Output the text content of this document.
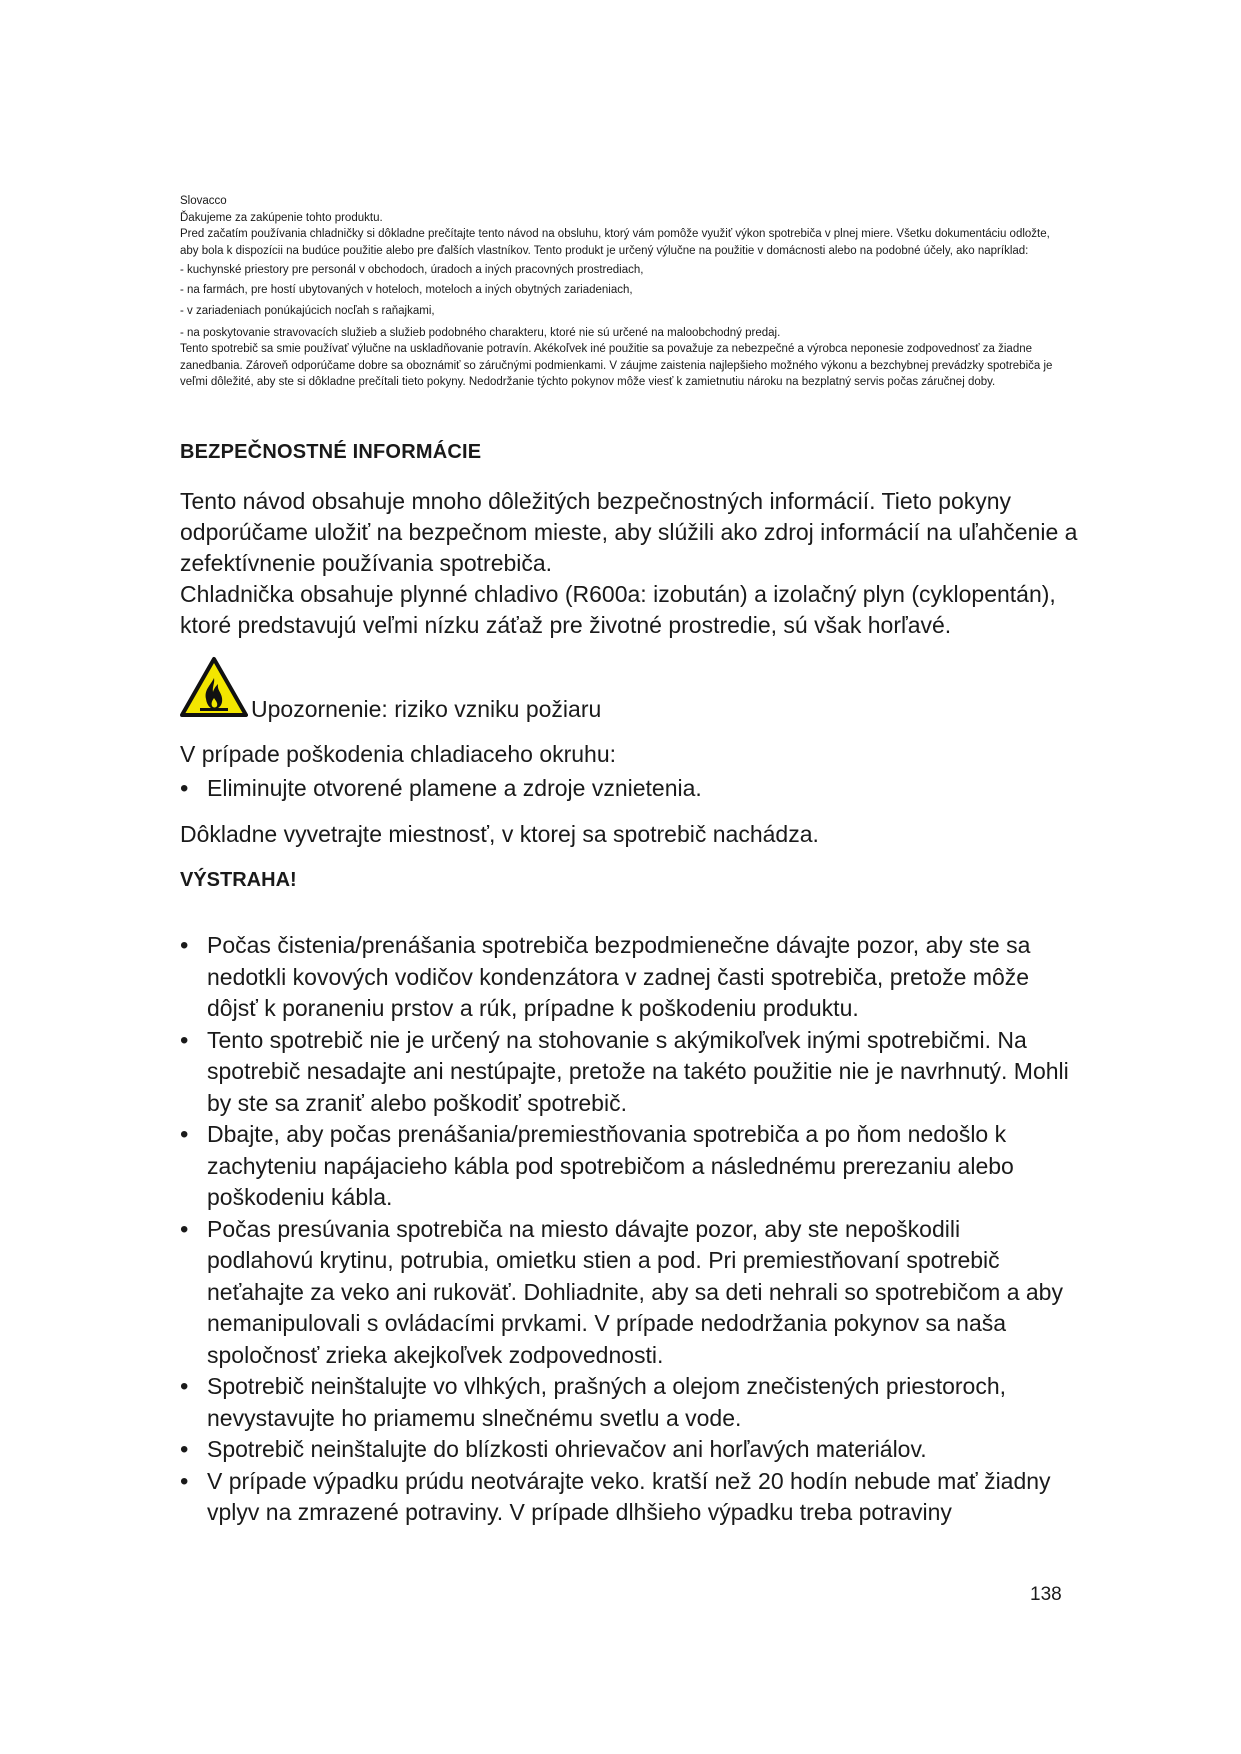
Slovacco

Ďakujeme za zakúpenie tohto produktu.

Pred začatím používania chladničky si dôkladne prečítajte tento návod na obsluhu, ktorý vám pomôže využiť výkon spotrebiča v plnej miere. Všetku dokumentáciu odložte, aby bola k dispozícii na budúce použitie alebo pre ďalších vlastníkov. Tento produkt je určený výlučne na použitie v domácnosti alebo na podobné účely, ako napríklad:

- kuchynské priestory pre personál v obchodoch, úradoch a iných pracovných prostrediach,

- na farmách, pre hostí ubytovaných v hoteloch, moteloch a iných obytných zariadeniach,

- v zariadeniach ponúkajúcich nocľah s raňajkami,

- na poskytovanie stravovacích služieb a služieb podobného charakteru, ktoré nie sú určené na maloobchodný predaj.

Tento spotrebič sa smie používať výlučne na uskladňovanie potravín. Akékoľvek iné použitie sa považuje za nebezpečné a výrobca neponesie zodpovednosť za žiadne zanedbania. Zároveň odporúčame dobre sa oboznámiť so záručnými podmienkami. V záujme zaistenia najlepšieho možného výkonu a bezchybnej prevádzky spotrebiča je veľmi dôležité, aby ste si dôkladne prečítali tieto pokyny. Nedodržanie týchto pokynov môže viesť k zamietnutiu nároku na bezplatný servis počas záručnej doby.

BEZPEČNOSTNÉ INFORMÁCIE
Tento návod obsahuje mnoho dôležitých bezpečnostných informácií. Tieto pokyny odporúčame uložiť na bezpečnom mieste, aby slúžili ako zdroj informácií na uľahčenie a zefektívnenie používania spotrebiča.
Chladnička obsahuje plynné chladivo (R600a: izobután) a izolačný plyn (cyklopentán), ktoré predstavujú veľmi nízku záťaž pre životné prostredie, sú však horľavé.
Upozornenie: riziko vzniku požiaru

V prípade poškodenia chladiaceho okruhu:

• Eliminujte otvorené plamene a zdroje vznietenia.

Dôkladne vyvetrajte miestnosť, v ktorej sa spotrebič nachádza.

VÝSTRAHA!
• Počas čistenia/prenášania spotrebiča bezpodmienečne dávajte pozor, aby ste sa nedotkli kovových vodičov kondenzátora v zadnej časti spotrebiča, pretože môže dôjsť k poraneniu prstov a rúk, prípadne k poškodeniu produktu.
• Tento spotrebič nie je určený na stohovanie s akýmikoľvek inými spotrebičmi. Na spotrebič nesadajte ani nestúpajte, pretože na takéto použitie nie je navrhnutý. Mohli by ste sa zraniť alebo poškodiť spotrebič.
• Dbajte, aby počas prenášania/premiestňovania spotrebiča a po ňom nedošlo k zachyteniu napájacieho kábla pod spotrebičom a následnému prerezaniu alebo poškodeniu kábla.
• Počas presúvania spotrebiča na miesto dávajte pozor, aby ste nepoškodili podlahovú krytinu, potrubia, omietku stien a pod. Pri premiestňovaní spotrebič neťahajte za veko ani rukoväť. Dohliadnite, aby sa deti nehrali so spotrebičom a aby nemanipulovali s ovládacími prvkami. V prípade nedodržania pokynov sa naša spoločnosť zrieka akejkoľvek zodpovednosti.
• Spotrebič neinštalujte vo vlhkých, prašných a olejom znečistených priestoroch, nevystavujte ho priamemu slnečnému svetlu a vode.
• Spotrebič neinštalujte do blízkosti ohrievačov ani horľavých materiálov.
• V prípade výpadku prúdu neotvárajte veko. kratší než 20 hodín nebude mať žiadny vplyv na zmrazené potraviny. V prípade dlhšieho výpadku treba potraviny
138
